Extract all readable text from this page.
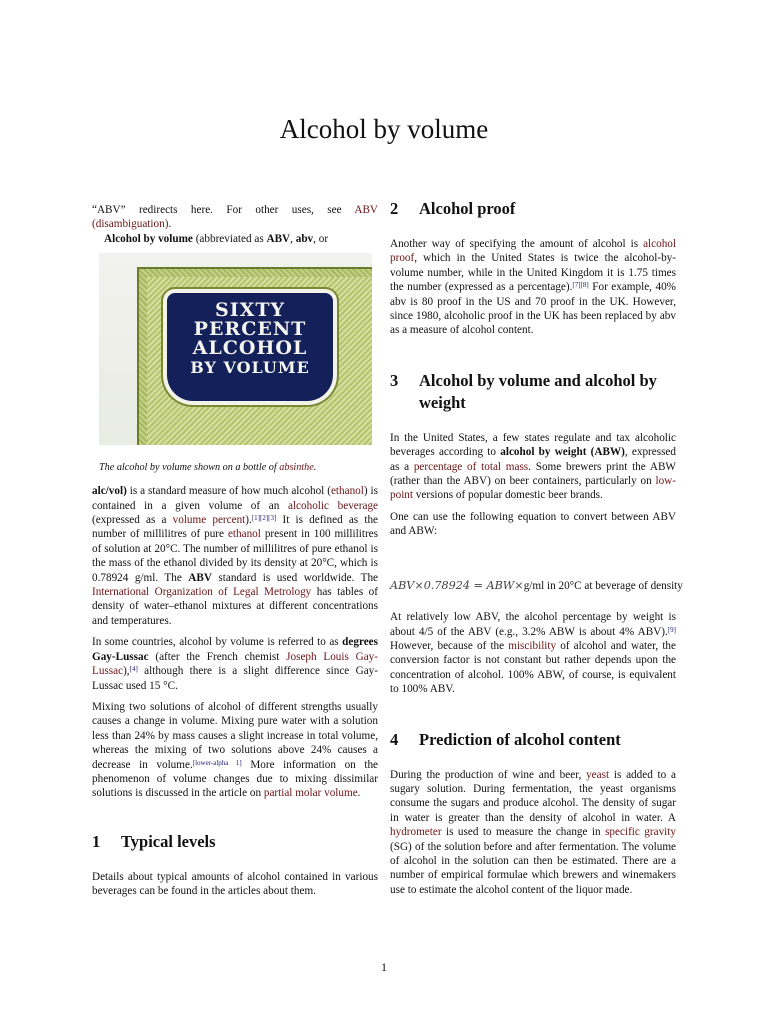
Alcohol by volume

“ABV” redirects here. For other uses, see ABV (disambiguation).

Alcohol by volume (abbreviated as ABV, abv, or

SIXTY
PERCENT
ALCOHOL
BY VOLUME
The alcohol by volume shown on a bottle of absinthe.

alc/vol) is a standard measure of how much alcohol (ethanol) is contained in a given volume of an alcoholic beverage (expressed as a volume percent).[1][2][3] It is defined as the number of millilitres of pure ethanol present in 100 millilitres of solution at 20°C. The number of millilitres of pure ethanol is the mass of the ethanol divided by its density at 20°C, which is 0.78924 g/ml. The ABV standard is used worldwide. The International Organization of Legal Metrology has tables of density of water–ethanol mixtures at different concentrations and temperatures.

In some countries, alcohol by volume is referred to as degrees Gay-Lussac (after the French chemist Joseph Louis Gay-Lussac),[4] although there is a slight difference since Gay-Lussac used 15 °C.

Mixing two solutions of alcohol of different strengths usually causes a change in volume. Mixing pure water with a solution less than 24% by mass causes a slight increase in total volume, whereas the mixing of two solutions above 24% causes a decrease in volume.[lower-alpha 1] More information on the phenomenon of volume changes due to mixing dissimilar solutions is discussed in the article on partial molar volume.

1	Typical levels

Details about typical amounts of alcohol contained in various beverages can be found in the articles about them.

2	Alcohol proof

Another way of specifying the amount of alcohol is alcohol proof, which in the United States is twice the alcohol-by-volume number, while in the United Kingdom it is 1.75 times the number (expressed as a percentage).[7][8] For example, 40% abv is 80 proof in the US and 70 proof in the UK. However, since 1980, alcoholic proof in the UK has been replaced by abv as a measure of alcohol content.

3	Alcohol by volume and alcohol by weight

In the United States, a few states regulate and tax alcoholic beverages according to alcohol by weight (ABW), expressed as a percentage of total mass. Some brewers print the ABW (rather than the ABV) on beer containers, particularly on low-point versions of popular domestic beer brands.

One can use the following equation to convert between ABV and ABW:

ABV×0.78924 = ABW×g/ml in 20°C at beverage of density

At relatively low ABV, the alcohol percentage by weight is about 4/5 of the ABV (e.g., 3.2% ABW is about 4% ABV).[9] However, because of the miscibility of alcohol and water, the conversion factor is not constant but rather depends upon the concentration of alcohol. 100% ABW, of course, is equivalent to 100% ABV.

4	Prediction of alcohol content

During the production of wine and beer, yeast is added to a sugary solution. During fermentation, the yeast organisms consume the sugars and produce alcohol. The density of sugar in water is greater than the density of alcohol in water. A hydrometer is used to measure the change in specific gravity (SG) of the solution before and after fermentation. The volume of alcohol in the solution can then be estimated. There are a number of empirical formulae which brewers and winemakers use to estimate the alcohol content of the liquor made.

1
